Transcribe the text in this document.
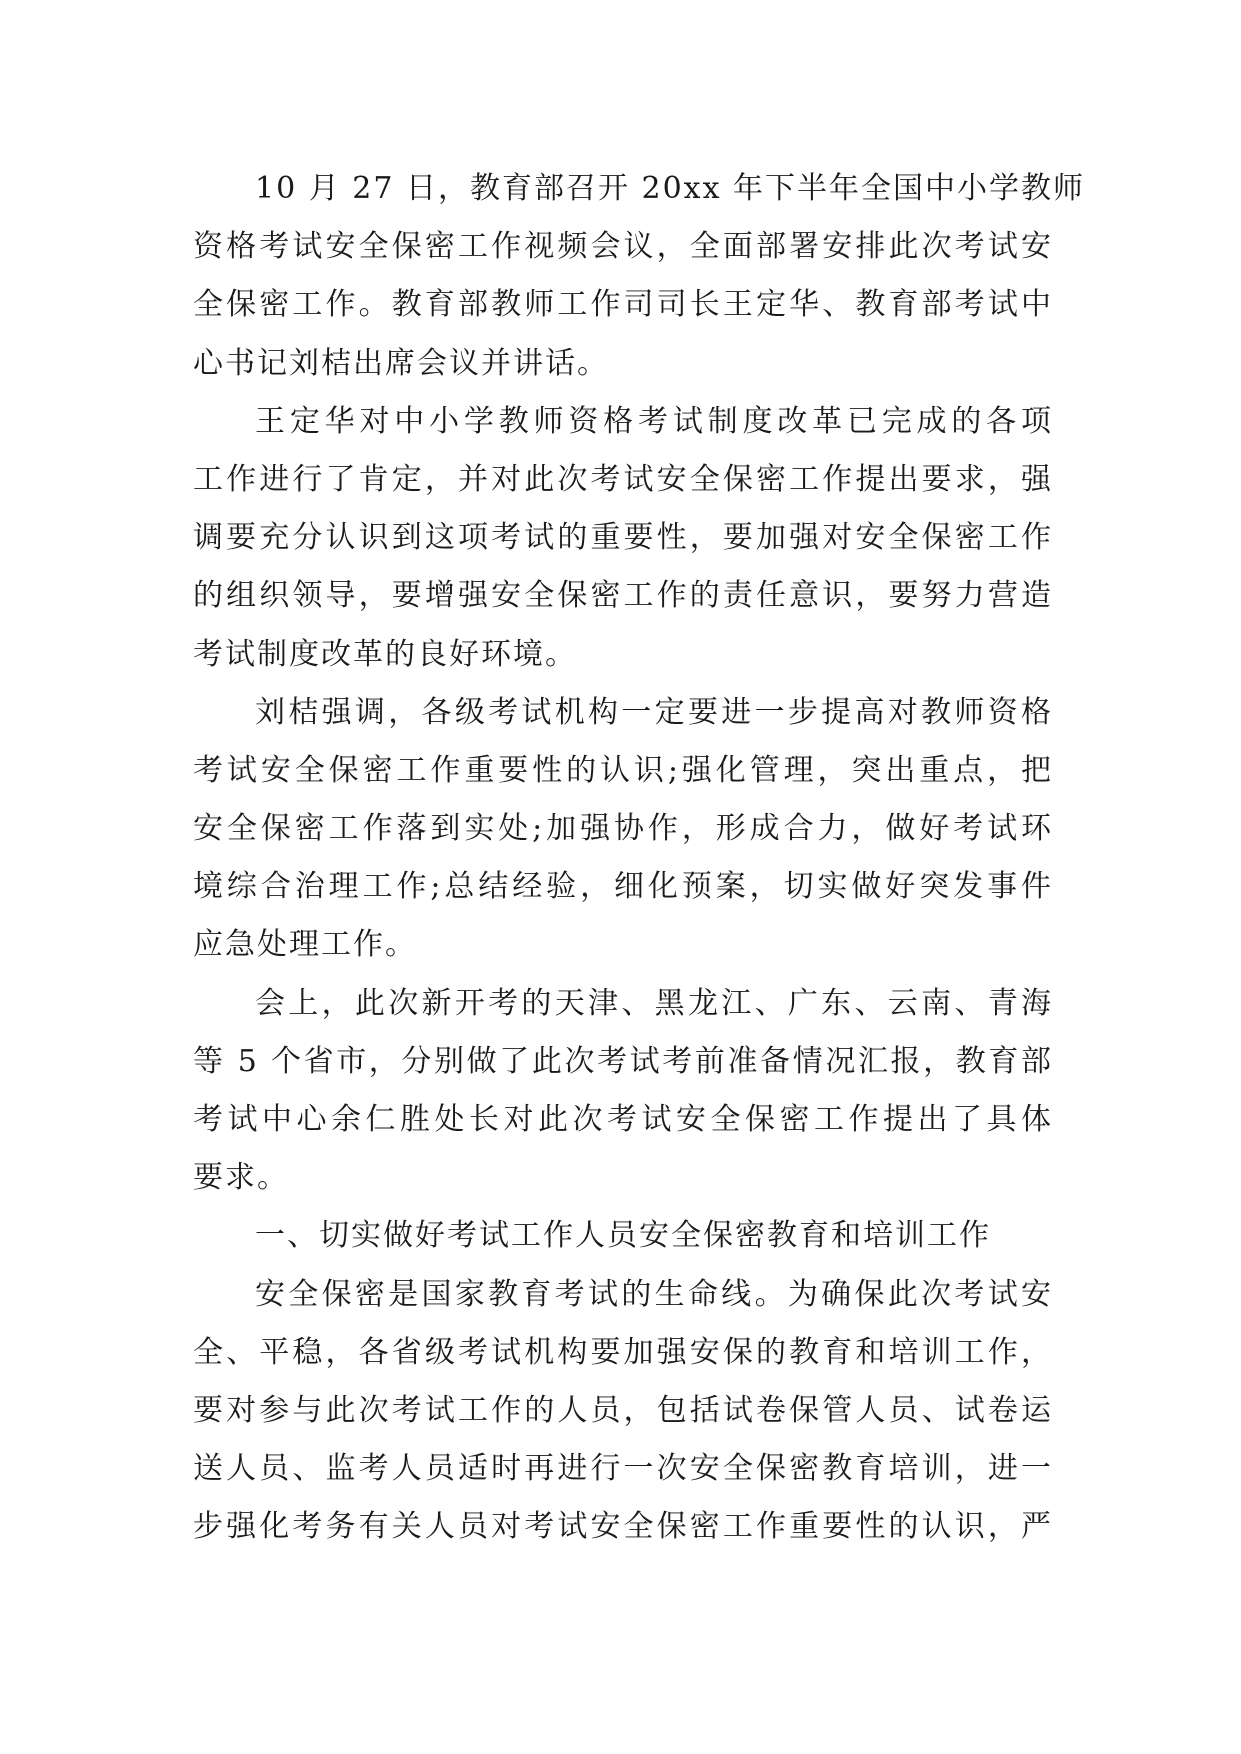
10 月 27 日，教育部召开 20xx 年下半年全国中小学教师
资格考试安全保密工作视频会议，全面部署安排此次考试安
全保密工作。教育部教师工作司司长王定华、教育部考试中
心书记刘桔出席会议并讲话。
王定华对中小学教师资格考试制度改革已完成的各项
工作进行了肯定，并对此次考试安全保密工作提出要求，强
调要充分认识到这项考试的重要性，要加强对安全保密工作
的组织领导，要增强安全保密工作的责任意识，要努力营造
考试制度改革的良好环境。
刘桔强调，各级考试机构一定要进一步提高对教师资格
考试安全保密工作重要性的认识;强化管理，突出重点，把
安全保密工作落到实处;加强协作，形成合力，做好考试环
境综合治理工作;总结经验，细化预案，切实做好突发事件
应急处理工作。
会上，此次新开考的天津、黑龙江、广东、云南、青海
等 5 个省市，分别做了此次考试考前准备情况汇报，教育部
考试中心余仁胜处长对此次考试安全保密工作提出了具体
要求。
一、切实做好考试工作人员安全保密教育和培训工作
安全保密是国家教育考试的生命线。为确保此次考试安
全、平稳，各省级考试机构要加强安保的教育和培训工作，
要对参与此次考试工作的人员，包括试卷保管人员、试卷运
送人员、监考人员适时再进行一次安全保密教育培训，进一
步强化考务有关人员对考试安全保密工作重要性的认识，严
